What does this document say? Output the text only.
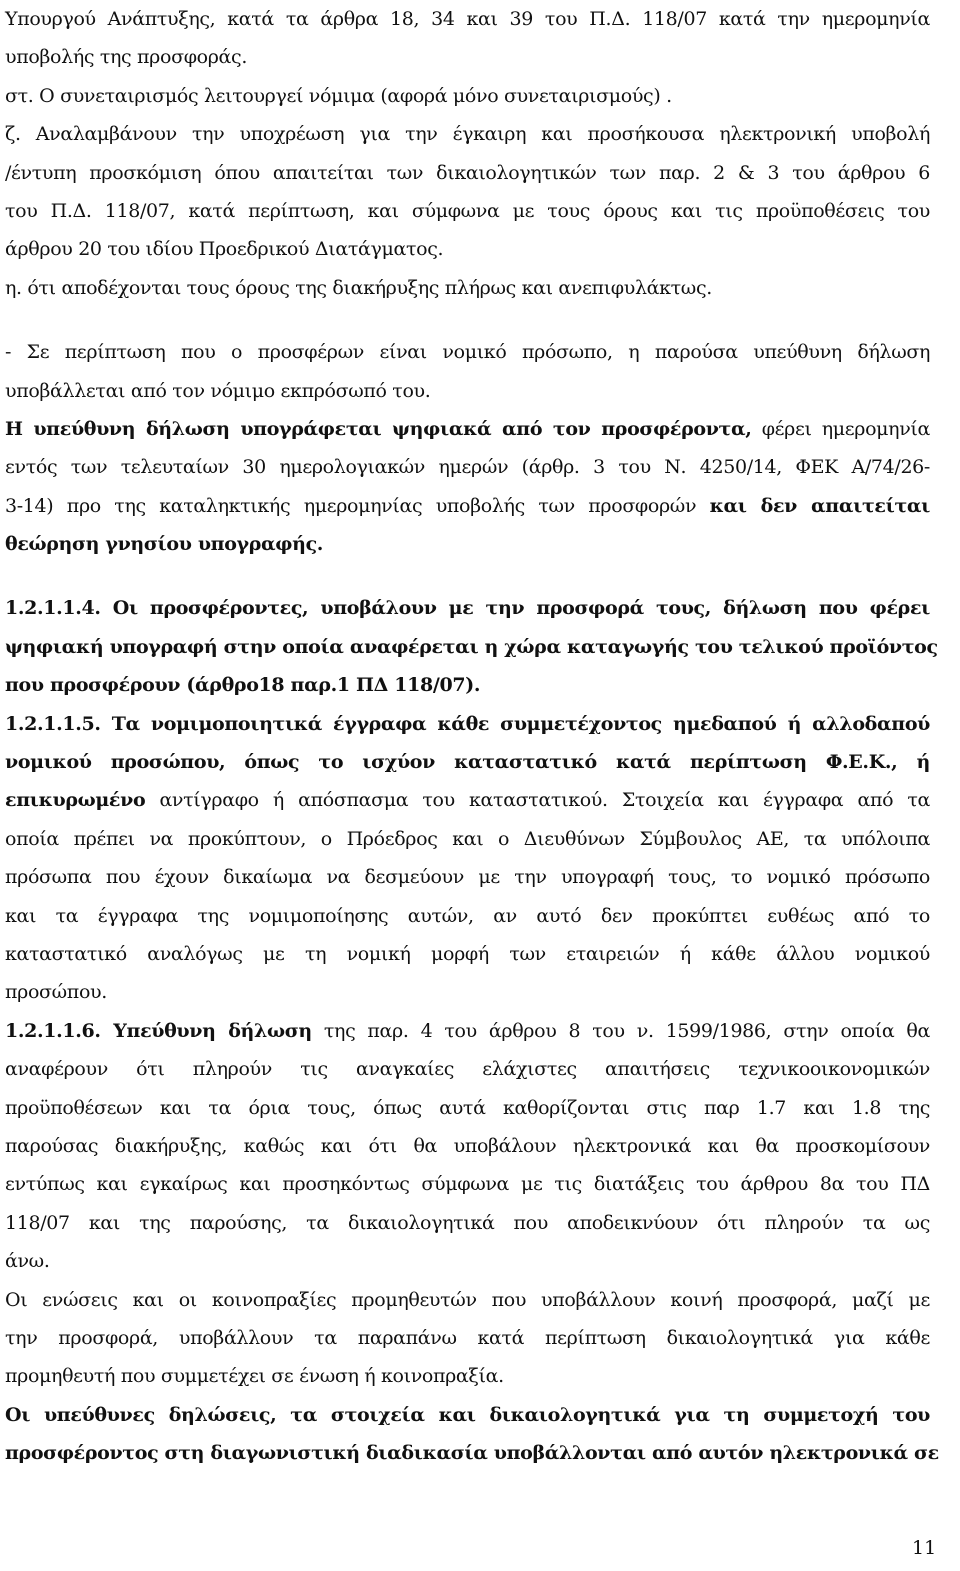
Υπουργού Ανάπτυξης, κατά τα άρθρα 18, 34 και 39 του Π.Δ. 118/07 κατά την ημερομηνία
υποβολής της προσφοράς.
στ. Ο συνεταιρισμός λειτουργεί νόμιμα (αφορά μόνο συνεταιρισμούς) .
ζ. Αναλαμβάνουν την υποχρέωση για την έγκαιρη και προσήκουσα ηλεκτρονική υποβολή
/έντυπη προσκόμιση όπου απαιτείται των δικαιολογητικών των παρ. 2 & 3 του άρθρου 6
του Π.Δ. 118/07, κατά περίπτωση, και σύμφωνα με τους όρους και τις προϋποθέσεις του
άρθρου 20 του ιδίου Προεδρικού Διατάγματος.
η. ότι αποδέχονται τους όρους της διακήρυξης πλήρως και ανεπιφυλάκτως.
- Σε περίπτωση που ο προσφέρων είναι νομικό πρόσωπο, η παρούσα υπεύθυνη δήλωση
υποβάλλεται από τον νόμιμο εκπρόσωπό του.
Η υπεύθυνη δήλωση υπογράφεται ψηφιακά από τον προσφέροντα, φέρει ημερομηνία
εντός των τελευταίων 30 ημερολογιακών ημερών (άρθρ. 3 του Ν. 4250/14, ΦΕΚ Α/74/26-
3-14) προ της καταληκτικής ημερομηνίας υποβολής των προσφορών και δεν απαιτείται
θεώρηση γνησίου υπογραφής.
1.2.1.1.4. Οι προσφέροντες, υποβάλουν με την προσφορά τους, δήλωση που φέρει
ψηφιακή υπογραφή στην οποία αναφέρεται η χώρα καταγωγής του τελικού προϊόντος
που προσφέρουν (άρθρο18 παρ.1 ΠΔ 118/07).
1.2.1.1.5. Τα νομιμοποιητικά έγγραφα κάθε συμμετέχοντος ημεδαπού ή αλλοδαπού
νομικού προσώπου, όπως το ισχύον καταστατικό κατά περίπτωση Φ.Ε.Κ., ή
επικυρωμένο αντίγραφο ή απόσπασμα του καταστατικού. Στοιχεία και έγγραφα από τα
οποία πρέπει να προκύπτουν, ο Πρόεδρος και ο Διευθύνων Σύμβουλος ΑΕ, τα υπόλοιπα
πρόσωπα που έχουν δικαίωμα να δεσμεύουν με την υπογραφή τους, το νομικό πρόσωπο
και τα έγγραφα της νομιμοποίησης αυτών, αν αυτό δεν προκύπτει ευθέως από το
καταστατικό αναλόγως με τη νομική μορφή των εταιρειών ή κάθε άλλου νομικού
προσώπου.
1.2.1.1.6. Υπεύθυνη δήλωση της παρ. 4 του άρθρου 8 του ν. 1599/1986, στην οποία θα
αναφέρουν ότι πληρούν τις αναγκαίες ελάχιστες απαιτήσεις τεχνικοοικονομικών
προϋποθέσεων και τα όρια τους, όπως αυτά καθορίζονται στις παρ 1.7 και 1.8 της
παρούσας διακήρυξης, καθώς και ότι θα υποβάλουν ηλεκτρονικά και θα προσκομίσουν
εντύπως και εγκαίρως και προσηκόντως σύμφωνα με τις διατάξεις του άρθρου 8α του ΠΔ
118/07 και της παρούσης, τα δικαιολογητικά που αποδεικνύουν ότι πληρούν τα ως
άνω.
Οι ενώσεις και οι κοινοπραξίες προμηθευτών που υποβάλλουν κοινή προσφορά, μαζί με
την προσφορά, υποβάλλουν τα παραπάνω κατά περίπτωση δικαιολογητικά για κάθε
προμηθευτή που συμμετέχει σε ένωση ή κοινοπραξία.
Οι υπεύθυνες δηλώσεις, τα στοιχεία και δικαιολογητικά για τη συμμετοχή του
προσφέροντος στη διαγωνιστική διαδικασία υποβάλλονται από αυτόν ηλεκτρονικά σε
11
